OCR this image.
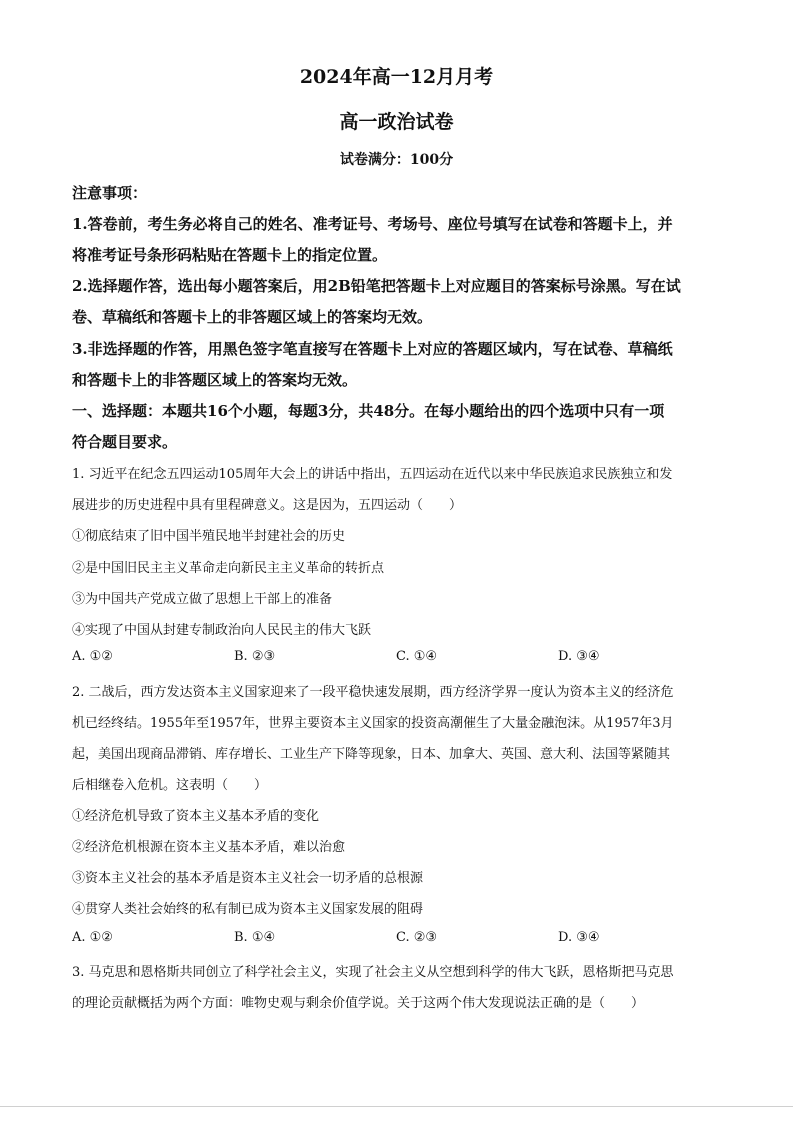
2024年高一12月月考
高一政治试卷
试卷满分：100分
注意事项：
1.答卷前，考生务必将自己的姓名、准考证号、考场号、座位号填写在试卷和答题卡上，并
将准考证号条形码粘贴在答题卡上的指定位置。
2.选择题作答，选出每小题答案后，用2B铅笔把答题卡上对应题目的答案标号涂黑。写在试
卷、草稿纸和答题卡上的非答题区域上的答案均无效。
3.非选择题的作答，用黑色签字笔直接写在答题卡上对应的答题区域内，写在试卷、草稿纸
和答题卡上的非答题区域上的答案均无效。
一、选择题：本题共16个小题，每题3分，共48分。在每小题给出的四个选项中只有一项
符合题目要求。
1. 习近平在纪念五四运动105周年大会上的讲话中指出，五四运动在近代以来中华民族追求民族独立和发
展进步的历史进程中具有里程碑意义。这是因为，五四运动（　　）
①彻底结束了旧中国半殖民地半封建社会的历史
②是中国旧民主主义革命走向新民主主义革命的转折点
③为中国共产党成立做了思想上干部上的准备
④实现了中国从封建专制政治向人民民主的伟大飞跃
A. ①②	B. ②③	C. ①④	D. ③④
2. 二战后，西方发达资本主义国家迎来了一段平稳快速发展期，西方经济学界一度认为资本主义的经济危
机已经终结。1955年至1957年，世界主要资本主义国家的投资高潮催生了大量金融泡沫。从1957年3月
起，美国出现商品滞销、库存增长、工业生产下降等现象，日本、加拿大、英国、意大利、法国等紧随其
后相继卷入危机。这表明（　　）
①经济危机导致了资本主义基本矛盾的变化
②经济危机根源在资本主义基本矛盾，难以治愈
③资本主义社会的基本矛盾是资本主义社会一切矛盾的总根源
④贯穿人类社会始终的私有制已成为资本主义国家发展的阻碍
A. ①②	B. ①④	C. ②③	D. ③④
3. 马克思和恩格斯共同创立了科学社会主义，实现了社会主义从空想到科学的伟大飞跃，恩格斯把马克思
的理论贡献概括为两个方面：唯物史观与剩余价值学说。关于这两个伟大发现说法正确的是（　　）
